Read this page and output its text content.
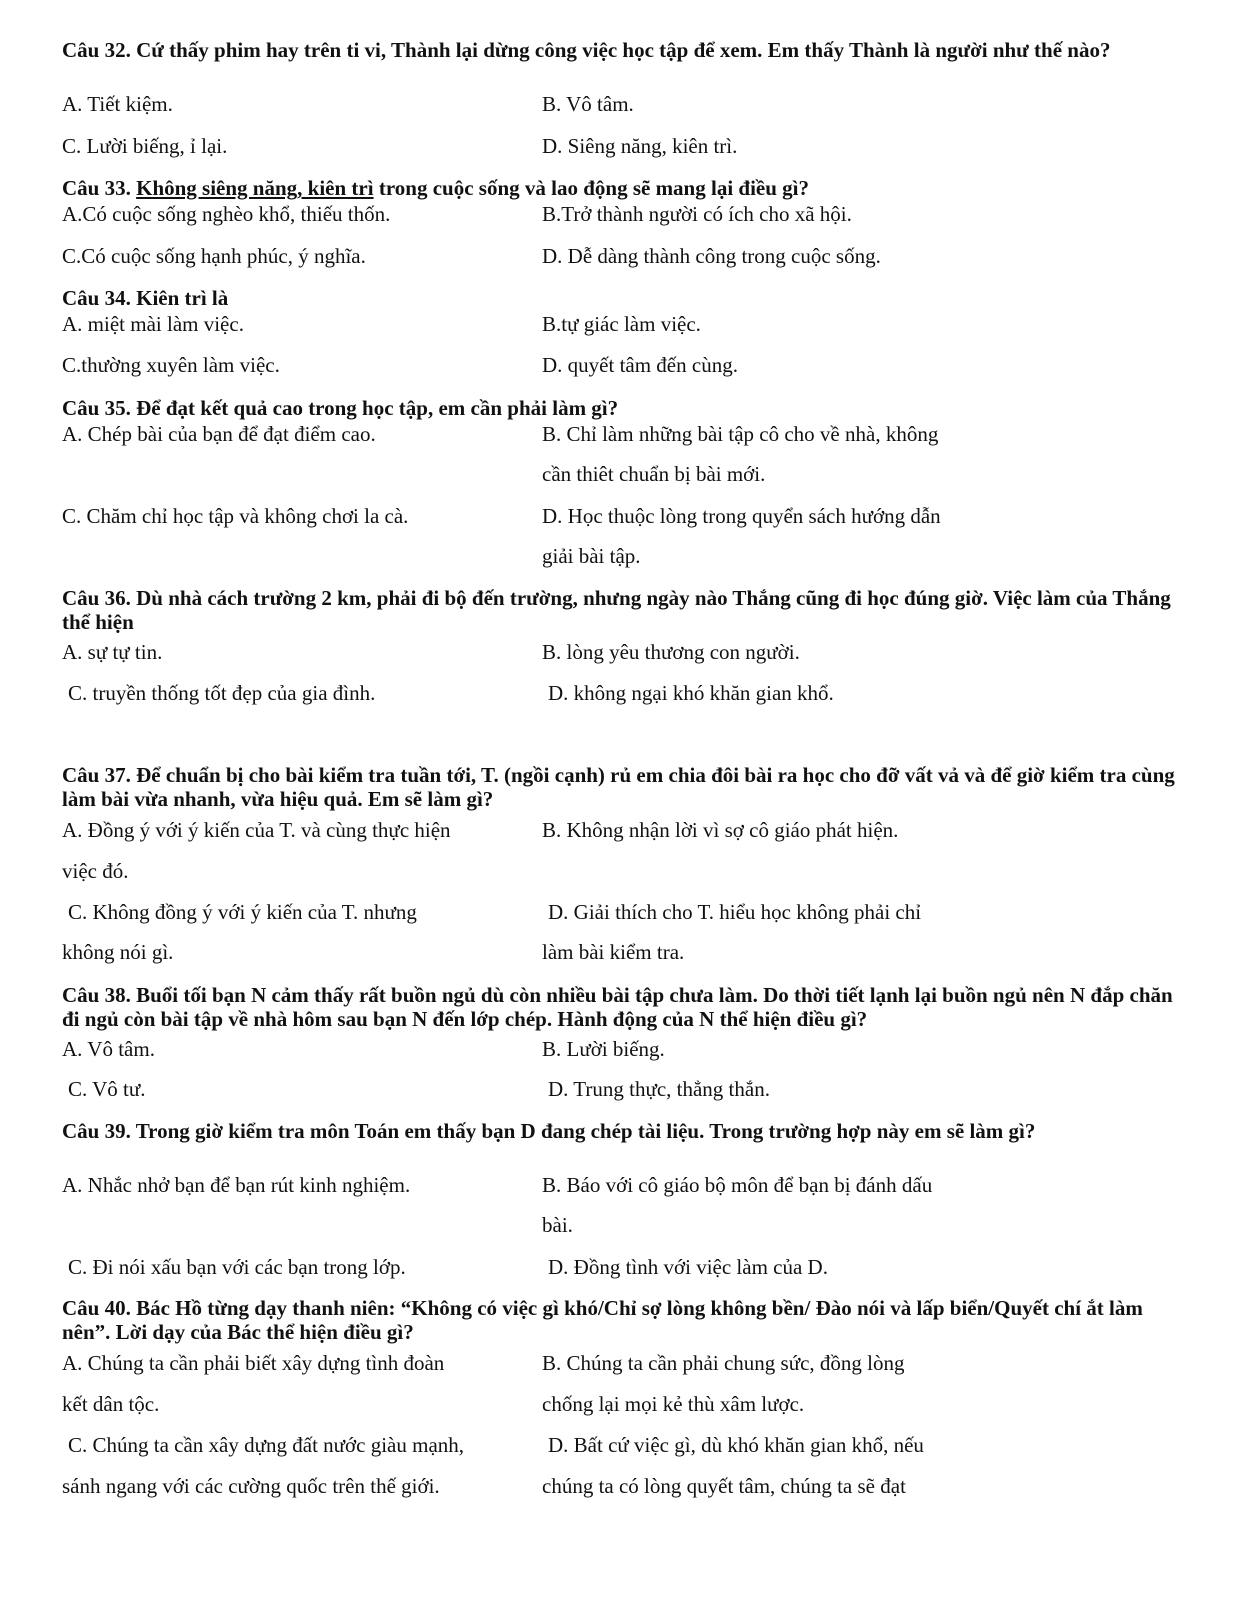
Câu 32. Cứ thấy phim hay trên ti vi, Thành lại dừng công việc học tập để xem. Em thấy Thành là người như thế nào?

A. Tiết kiệm.	B. Vô tâm.
C. Lười biếng, ỉ lại.	D. Siêng năng, kiên trì.

Câu 33. Không siêng năng, kiên trì trong cuộc sống và lao động sẽ mang lại điều gì?

A.Có cuộc sống nghèo khổ, thiếu thốn.	B.Trở thành người có ích cho xã hội.
C.Có cuộc sống hạnh phúc, ý nghĩa.	D. Dễ dàng thành công trong cuộc sống.

Câu 34. Kiên trì là

A. miệt mài làm việc.	B.tự giác làm việc.
C.thường xuyên làm việc.	D. quyết tâm đến cùng.

Câu 35. Để đạt kết quả cao trong học tập, em cần phải làm gì?

A. Chép bài của bạn để đạt điểm cao.	B. Chỉ làm những bài tập cô cho về nhà, không
cần thiêt chuẩn bị bài mới.
C. Chăm chỉ học tập và không chơi la cà.	D. Học thuộc lòng trong quyển sách hướng dẫn
giải bài tập.

Câu 36. Dù nhà cách trường 2 km, phải đi bộ đến trường, nhưng ngày nào Thắng cũng đi học đúng giờ. Việc làm của Thắng thể hiện

A. sự tự tin.	B. lòng yêu thương con người.
C. truyền thống tốt đẹp của gia đình.	D. không ngại khó khăn gian khổ.

Câu 37. Để chuẩn bị cho bài kiểm tra tuần tới, T. (ngồi cạnh) rủ em chia đôi bài ra học cho đỡ vất vả và để giờ kiểm tra cùng làm bài vừa nhanh, vừa hiệu quả. Em sẽ làm gì?

A. Đồng ý với ý kiến của T. và cùng thực hiện	B. Không nhận lời vì sợ cô giáo phát hiện.
việc đó.
C. Không đồng ý với ý kiến của T. nhưng	D. Giải thích cho T. hiểu học không phải chỉ
không nói gì.	làm bài kiểm tra.

Câu 38. Buổi tối bạn N cảm thấy rất buồn ngủ dù còn nhiều bài tập chưa làm. Do thời tiết lạnh lại buồn ngủ nên N đắp chăn đi ngủ còn bài tập về nhà hôm sau bạn N đến lớp chép. Hành động của N thể hiện điều gì?

A. Vô tâm.	B. Lười biếng.
C. Vô tư.	D. Trung thực, thẳng thắn.

Câu 39. Trong giờ kiểm tra môn Toán em thấy bạn D đang chép tài liệu. Trong trường hợp này em sẽ làm gì?

A. Nhắc nhở bạn để bạn rút kinh nghiệm.	B. Báo với cô giáo bộ môn để bạn bị đánh dấu
bài.
C. Đi nói xấu bạn với các bạn trong lớp.	D. Đồng tình với việc làm của D.

Câu 40. Bác Hồ từng dạy thanh niên: “Không có việc gì khó/Chỉ sợ lòng không bền/ Đào nói và lấp biển/Quyết chí ắt làm nên”. Lời dạy của Bác thể hiện điều gì?

A. Chúng ta cần phải biết xây dựng tình đoàn	B. Chúng ta cần phải chung sức, đồng lòng
kết dân tộc.	chống lại mọi kẻ thù xâm lược.
C. Chúng ta cần xây dựng đất nước giàu mạnh,	D. Bất cứ việc gì, dù khó khăn gian khổ, nếu
sánh ngang với các cường quốc trên thế giới.	chúng ta có lòng quyết tâm, chúng ta sẽ đạt
